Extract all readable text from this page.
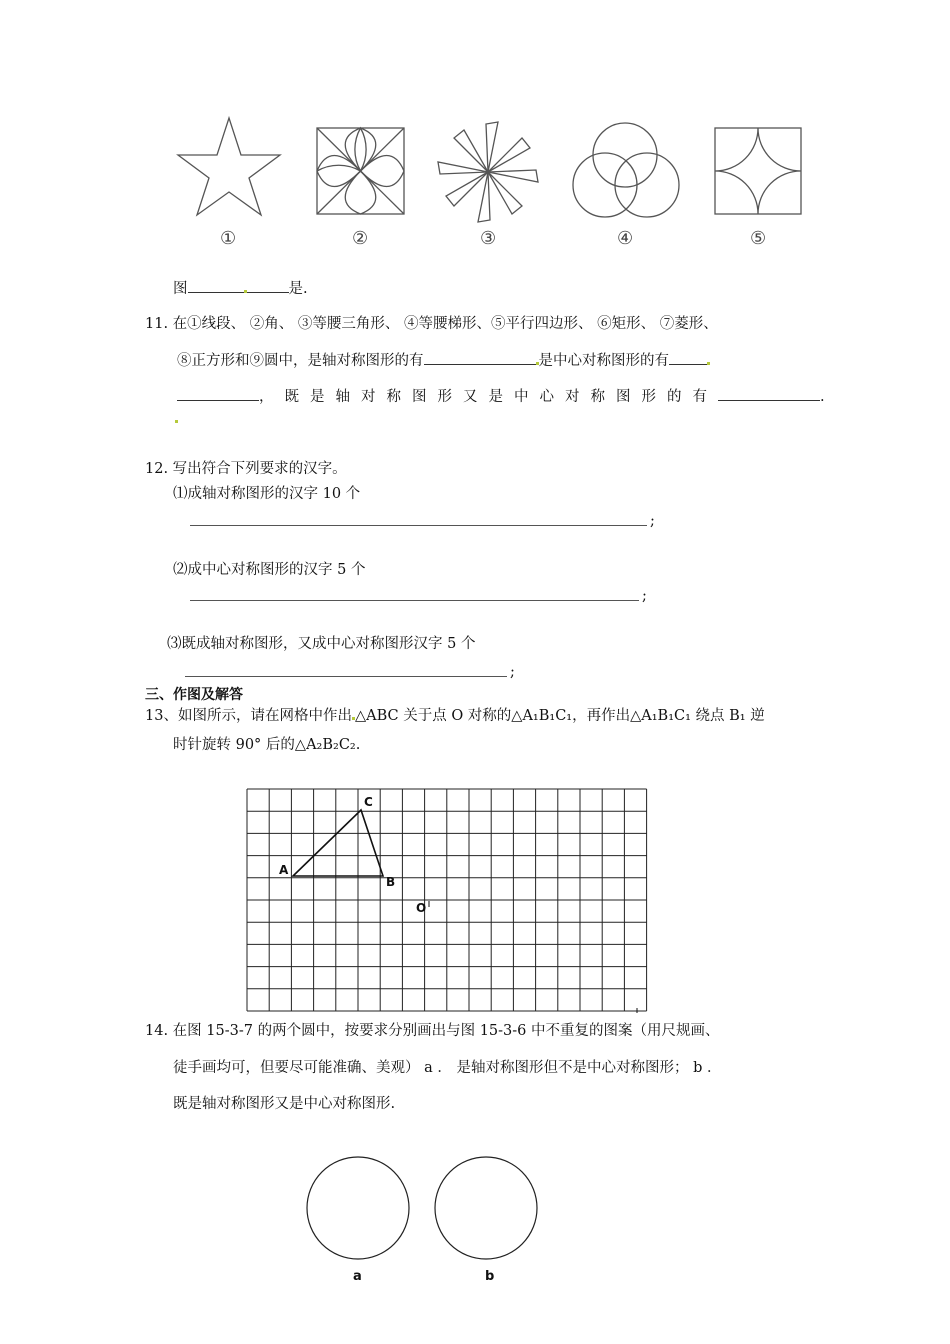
①	②	③	④	⑤
图	是.
11. 在①线段、 ②角、 ③等腰三角形、 ④等腰梯形、⑤平行四边形、 ⑥矩形、 ⑦菱形、
⑧正方形和⑨圆中，是轴对称图形的有	是中心对称图形的有
，既是轴对称图形又是中心对称图形的有	.
12. 写出符合下列要求的汉字。
⑴成轴对称图形的汉字 10 个
;
⑵成中心对称图形的汉字 5 个
;
⑶既成轴对称图形，又成中心对称图形汉字 5 个
;
三、作图及解答
13、如图所示，请在网格中作出 △ABC 关于点 O 对称的△A₁B₁C₁，再作出△A₁B₁C₁ 绕点 B₁ 逆
时针旋转 90° 后的△A₂B₂C₂.
C
A
B
O
14. 在图 15-3-7 的两个圆中，按要求分别画出与图 15-3-6 中不重复的图案（用尺规画、
徒手画均可，但要尽可能准确、美观） a ． 是轴对称图形但不是中心对称图形； b ．
既是轴对称图形又是中心对称图形.
a	b
